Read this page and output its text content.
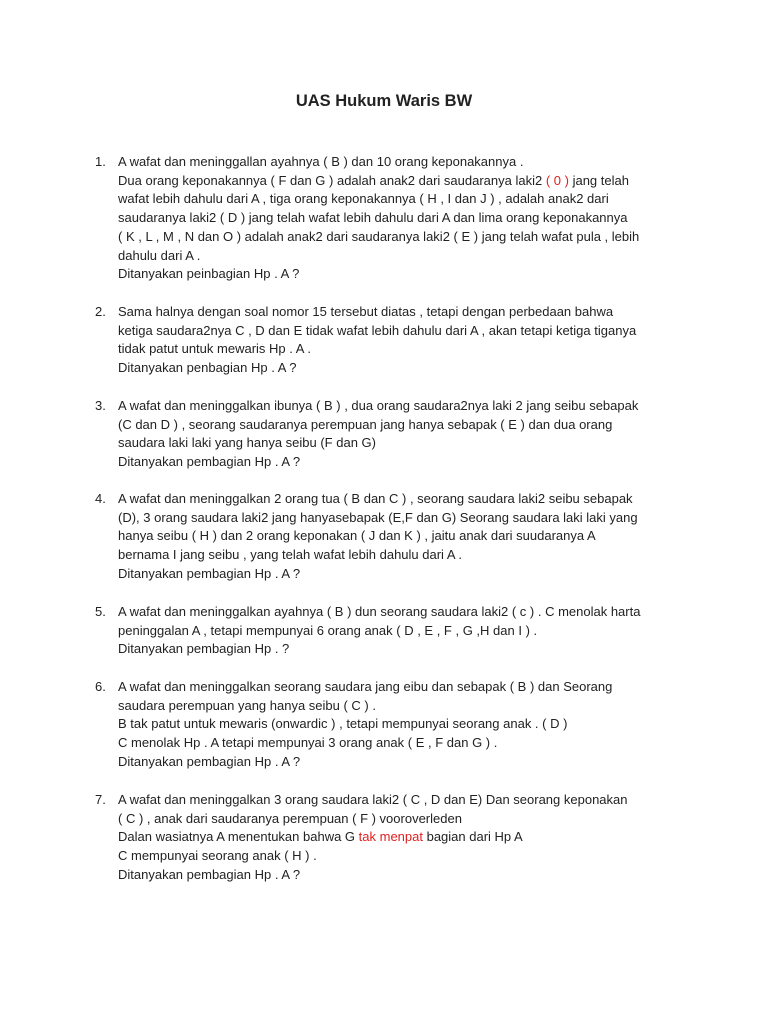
UAS Hukum Waris BW
1. A wafat dan meninggallan ayahnya ( B ) dan 10 orang keponakannya .
Dua orang keponakannya ( F dan G ) adalah anak2 dari saudaranya laki2 ( 0 ) jang telah
wafat lebih dahulu dari A , tiga orang keponakannya ( H , I dan J ) , adalah anak2 dari
saudaranya laki2 ( D ) jang telah wafat lebih dahulu dari A dan lima orang keponakannya
( K , L , M , N dan O ) adalah anak2 dari saudaranya laki2 ( E ) jang telah wafat pula , lebih
dahulu dari A .
Ditanyakan peinbagian Hp . A ?
2. Sama halnya dengan soal nomor 15 tersebut diatas , tetapi dengan perbedaan bahwa
ketiga saudara2nya C , D dan E tidak wafat lebih dahulu dari A , akan tetapi ketiga tiganya
tidak patut untuk mewaris Hp . A .
Ditanyakan penbagian Hp . A ?
3. A wafat dan meninggalkan ibunya ( B ) , dua orang saudara2nya laki 2 jang seibu sebapak
(C dan D ) , seorang saudaranya perempuan jang hanya sebapak ( E ) dan dua orang
saudara laki laki yang hanya seibu (F dan G)
Ditanyakan pembagian Hp . A ?
4. A wafat dan meninggalkan 2 orang tua ( B dan C ) , seorang saudara laki2 seibu sebapak
(D), 3 orang saudara laki2 jang hanyasebapak (E,F dan G) Seorang saudara laki laki yang
hanya seibu ( H ) dan 2 orang keponakan ( J dan K ) , jaitu anak dari suudaranya A
bernama I jang seibu , yang telah wafat lebih dahulu dari A .
Ditanyakan pembagian Hp . A ?
5. A wafat dan meninggalkan ayahnya ( B ) dun seorang saudara laki2 ( c ) . C menolak harta
peninggalan A , tetapi mempunyai 6 orang anak ( D , E , F , G ,H dan I ) .
Ditanyakan pembagian Hp . ?
6. A wafat dan meninggalkan seorang saudara jang eibu dan sebapak ( B ) dan Seorang
saudara perempuan yang hanya seibu ( C ) .
B tak patut untuk mewaris (onwardic ) , tetapi mempunyai seorang anak . ( D )
C menolak Hp . A tetapi mempunyai 3 orang anak ( E , F dan G ) .
Ditanyakan pembagian Hp . A ?
7. A wafat dan meninggalkan 3 orang saudara laki2 ( C , D dan E) Dan seorang keponakan
( C ) , anak dari saudaranya perempuan ( F ) vooroverleden
Dalan wasiatnya A menentukan bahwa G tak menpat bagian dari Hp A
C mempunyai seorang anak ( H ) .
Ditanyakan pembagian Hp . A ?
